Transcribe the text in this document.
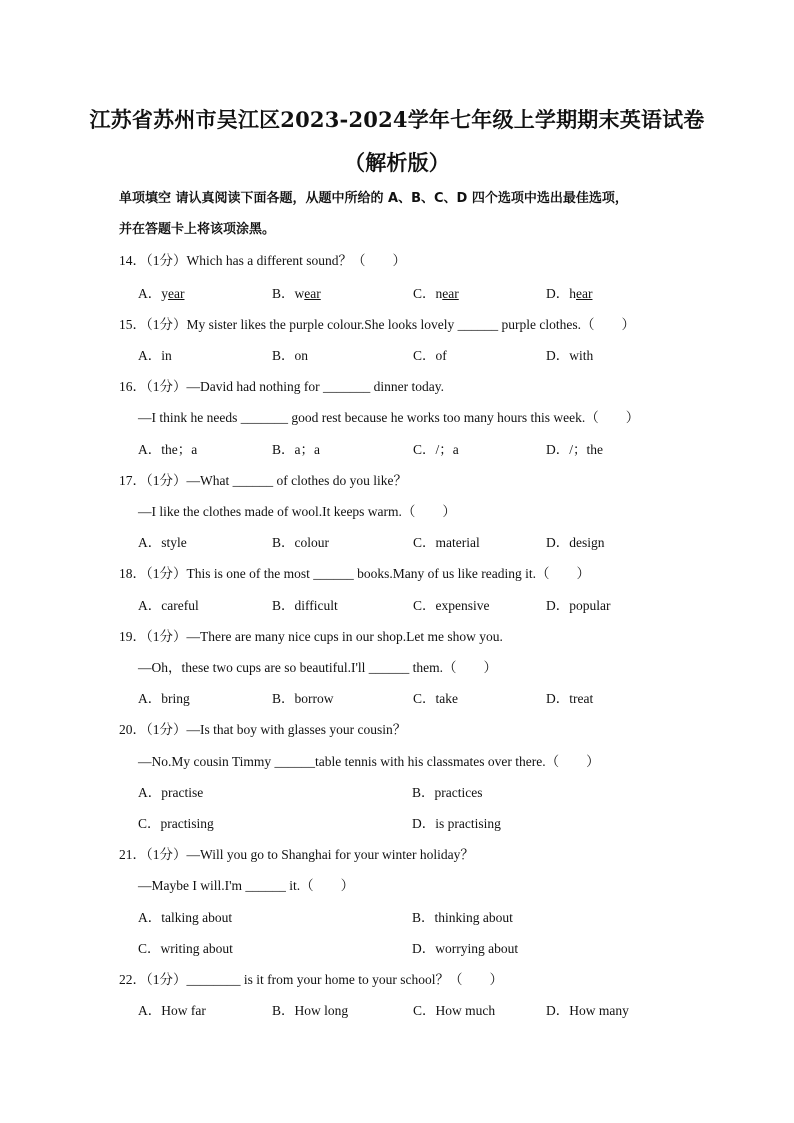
江苏省苏州市吴江区2023-2024学年七年级上学期期末英语试卷
（解析版）
单项填空 请认真阅读下面各题，从题中所给的 A、B、C、D 四个选项中选出最佳选项，
并在答题卡上将该项涂黑。
14．（1分）Which has a different sound？（        ）
A．year	B．wear	C．near	D．hear
15．（1分）My sister likes the purple colour.She looks lovely ______ purple clothes.（        ）
A．in	B．on	C．of	D．with
16．（1分）—David had nothing for _______ dinner today.
—I think he needs _______ good rest because he works too many hours this week.（        ）
A．the；a	B．a；a	C．/；a	D．/；the
17．（1分）—What ______ of clothes do you like？
—I like the clothes made of wool.It keeps warm.（        ）
A．style	B．colour	C．material	D．design
18．（1分）This is one of the most ______ books.Many of us like reading it.（        ）
A．careful	B．difficult	C．expensive	D．popular
19．（1分）—There are many nice cups in our shop.Let me show you.
—Oh，these two cups are so beautiful.I'll ______ them.（        ）
A．bring	B．borrow	C．take	D．treat
20．（1分）—Is that boy with glasses your cousin？
—No.My cousin Timmy ______table tennis with his classmates over there.（        ）
A．practise	B．practices
C．practising	D．is practising
21．（1分）—Will you go to Shanghai for your winter holiday？
—Maybe I will.I'm ______ it.（        ）
A．talking about	B．thinking about
C．writing about	D．worrying about
22．（1分）________ is it from your home to your school？（        ）
A．How far	B．How long	C．How much	D．How many
